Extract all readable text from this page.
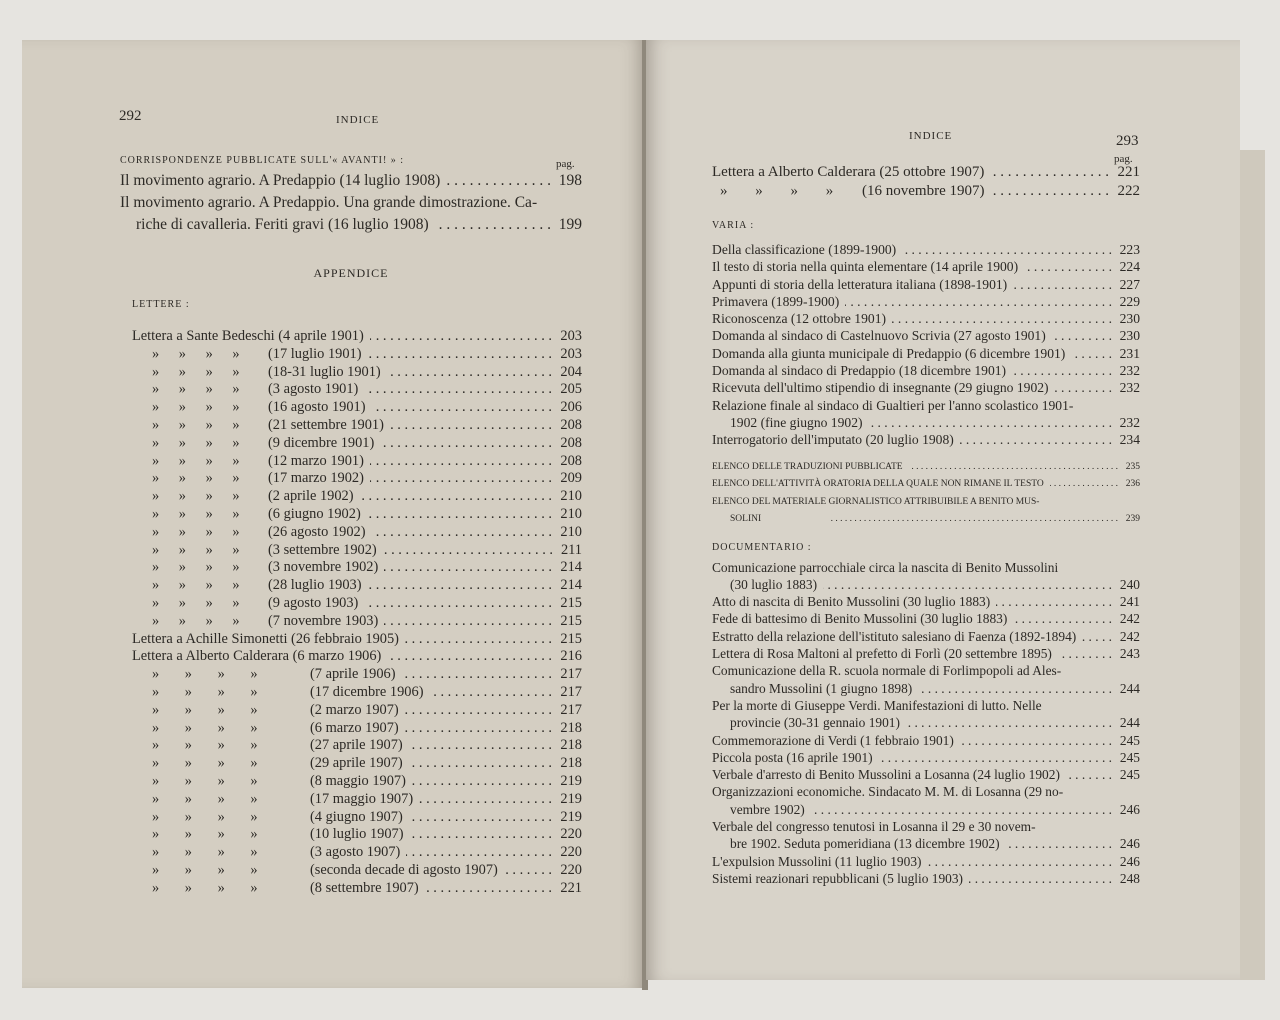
292	INDICE
pag.
CORRISPONDENZE PUBBLICATE SULL'« AVANTI! » :
Il movimento agrario. A Predappio (14 luglio 1908)	198
. . .
Il movimento agrario. A Predappio. Una grande dimostrazione. Ca-
riche di cavalleria. Feriti gravi (16 luglio 1908)	199
. . .
APPENDICE
LETTERE :
Lettera a Sante Bedeschi (4 aprile 1901)	203
. . .
» » » » (17 luglio 1901)	203
. . .
» » » » (18-31 luglio 1901)	204
. . .
» » » » (3 agosto 1901)	205
. . .
» » » » (16 agosto 1901)	206
. . .
» » » » (21 settembre 1901)	208
. . .
» » » » (9 dicembre 1901)	208
. . .
» » » » (12 marzo 1901)	208
. . .
» » » » (17 marzo 1902)	209
. . .
» » » » (2 aprile 1902)	210
. . .
» » » » (6 giugno 1902)	210
. . .
» » » » (26 agosto 1902)	210
. . .
» » » » (3 settembre 1902)	211
. . .
» » » » (3 novembre 1902)	214
. . .
» » » » (28 luglio 1903)	214
. . .
» » » » (9 agosto 1903)	215
. . .
» » » » (7 novembre 1903)	215
. . .
Lettera a Achille Simonetti (26 febbraio 1905)	215
. . .
Lettera a Alberto Calderara (6 marzo 1906)	216
. . .
» » » »	(7 aprile 1906)	217
. . .
» » » »	(17 dicembre 1906)	217
. . .
» » » »	(2 marzo 1907)	217
. . .
» » » »	(6 marzo 1907)	218
. . .
» » » »	(27 aprile 1907)	218
. . .
» » » »	(29 aprile 1907)	218
. . .
» » » »	(8 maggio 1907)	219
. . .
» » » »	(17 maggio 1907)	219
. . .
» » » »	(4 giugno 1907)	219
. . .
» » » »	(10 luglio 1907)	220
. . .
» » » »	(3 agosto 1907)	220
. . .
» » » »	(seconda decade di agosto 1907)	220
. . .
» » » »	(8 settembre 1907)	221
. . .
INDICE	293
pag.
Lettera a Alberto Calderara (25 ottobre 1907)	221
. . .
» » » » (16 novembre 1907)	222
. . .
VARIA :
Della classificazione (1899-1900)	223
. . .
Il testo di storia nella quinta elementare (14 aprile 1900)	224
. . .
Appunti di storia della letteratura italiana (1898-1901)	227
. . .
Primavera (1899-1900)	229
. . .
Riconoscenza (12 ottobre 1901)	230
. . .
Domanda al sindaco di Castelnuovo Scrivia (27 agosto 1901)	230
. . .
Domanda alla giunta municipale di Predappio (6 dicembre 1901)	231
. . .
Domanda al sindaco di Predappio (18 dicembre 1901)	232
. . .
Ricevuta dell'ultimo stipendio di insegnante (29 giugno 1902)	232
. . .
Relazione finale al sindaco di Gualtieri per l'anno scolastico 1901-
1902 (fine giugno 1902)	232
. . .
Interrogatorio dell'imputato (20 luglio 1908)	234
. . .
ELENCO DELLE TRADUZIONI PUBBLICATE	235
. . .
ELENCO DELL'ATTIVITÀ ORATORIA DELLA QUALE NON RIMANE IL TESTO	236
. . .
ELENCO DEL MATERIALE GIORNALISTICO ATTRIBUIBILE A BENITO MUS-
SOLINI	239
. . .
DOCUMENTARIO :
Comunicazione parrocchiale circa la nascita di Benito Mussolini
(30 luglio 1883)	240
. . .
Atto di nascita di Benito Mussolini (30 luglio 1883)	241
. . .
Fede di battesimo di Benito Mussolini (30 luglio 1883)	242
. . .
Estratto della relazione dell'istituto salesiano di Faenza (1892-1894)	242
. . .
Lettera di Rosa Maltoni al prefetto di Forlì (20 settembre 1895)	243
. . .
Comunicazione della R. scuola normale di Forlimpopoli ad Ales-
sandro Mussolini (1 giugno 1898)	244
. . .
Per la morte di Giuseppe Verdi. Manifestazioni di lutto. Nelle
provincie (30-31 gennaio 1901)	244
. . .
Commemorazione di Verdi (1 febbraio 1901)	245
. . .
Piccola posta (16 aprile 1901)	245
. . .
Verbale d'arresto di Benito Mussolini a Losanna (24 luglio 1902)	245
. . .
Organizzazioni economiche. Sindacato M. M. di Losanna (29 no-
vembre 1902)	246
. . .
Verbale del congresso tenutosi in Losanna il 29 e 30 novem-
bre 1902. Seduta pomeridiana (13 dicembre 1902)	246
. . .
L'expulsion Mussolini (11 luglio 1903)	246
. . .
Sistemi reazionari repubblicani (5 luglio 1903)	248
. . .
